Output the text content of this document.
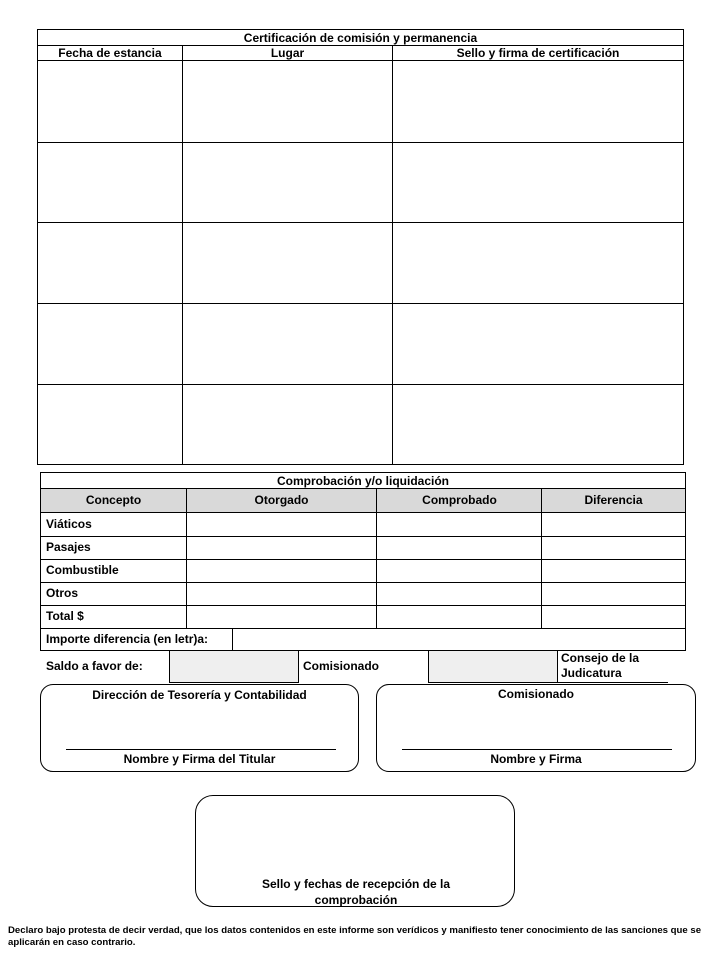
Certificación de comisión y permanencia
Fecha de estancia	Lugar	Sello y firma de certificación
Comprobación y/o liquidación
Concepto	Otorgado	Comprobado	Diferencia
Viáticos
Pasajes
Combustible
Otros
Total $
Importe diferencia (en letr)a:
Saldo a favor de:	Comisionado
Consejo de la Judicatura
Dirección de Tesorería y Contabilidad
Nombre y Firma del Titular
Comisionado
Nombre y Firma
Sello y fechas de recepción de la comprobación
Declaro bajo protesta de decir verdad, que los datos contenidos en este informe son verídicos y manifiesto tener conocimiento de las sanciones que se aplicarán en caso contrario.
